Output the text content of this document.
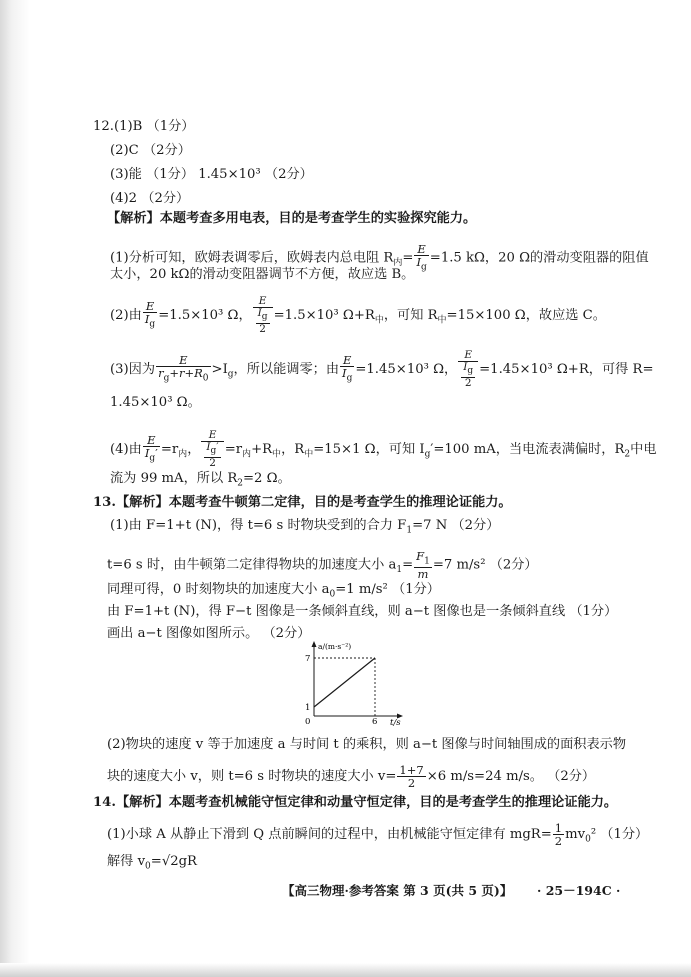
12.(1)B （1分）
(2)C （2分）
(3)能 （1分） 1.45×10³ （2分）
(4)2 （2分）
【解析】本题考查多用电表，目的是考查学生的实验探究能力。
(1)分析可知，欧姆表调零后，欧姆表内总电阻 $R_内= \frac{E}{I_g} =1.5$ kΩ，20 Ω的滑动变阻器的阻值
太小，20 kΩ的滑动变阻器调节不方便，故应选 B。
(2)由 $\frac{E}{I_g} =1.5\times 10^3$ Ω， $\frac{E}{\frac{I_g}{2}} =1.5\times 10^3$ $\Omega+R_中$，可知 $R_中=15\times 100$ Ω，故应选 C。
(3)因为 $\frac{E}{r_g+r+R_0} >I_g$，所以能调零；由 $\frac{E}{I_g} =1.45\times 10^3$ Ω， $\frac{E}{\frac{I_g}{2}} =1.45\times 10^3$ Ω+R，可得 R=
1.45×10³ Ω。
(4)由 $\frac{E}{I_g'} =r_内$， $\frac{E}{\frac{I_g'}{2}} =r_内+R_中$，$R_中=15\times 1$ Ω，可知 $I_g'=100$ mA，当电流表满偏时，$R_2$中电
流为 99 mA，所以 $R_2=2$ Ω。
13.【解析】本题考查牛顿第二定律，目的是考查学生的推理论证能力。
(1)由 F=1+t (N)，得 t=6 s 时物块受到的合力 $F_1=7$ N （2分）
t=6 s 时，由牛顿第二定律得物块的加速度大小 $a_1= \frac{F_1}{m} =7$ m/s² （2分）
同理可得，0 时刻物块的加速度大小 $a_0=1$ m/s² （1分）
由 F=1+t (N)，得 F−t 图像是一条倾斜直线，则 a−t 图像也是一条倾斜直线 （1分）
画出 a−t 图像如图所示。 （2分）
a/(m·s⁻²)
t/s
0
7
1
6
(2)物块的速度 v 等于加速度 a 与时间 t 的乘积，则 a−t 图像与时间轴围成的面积表示物
块的速度大小 v，则 t=6 s 时物块的速度大小 $v= \frac{1+7}{2} \times 6$ m/s=24 m/s。 （2分）
14.【解析】本题考查机械能守恒定律和动量守恒定律，目的是考查学生的推理论证能力。
(1)小球 A 从静止下滑到 Q 点前瞬间的过程中，由机械能守恒定律有 $mgR= \frac{1}{2} mv_0^2$ （1分）
解得 $v_0=√2gR$
【高三物理·参考答案 第 3 页(共 5 页)】 · 25－194C ·
